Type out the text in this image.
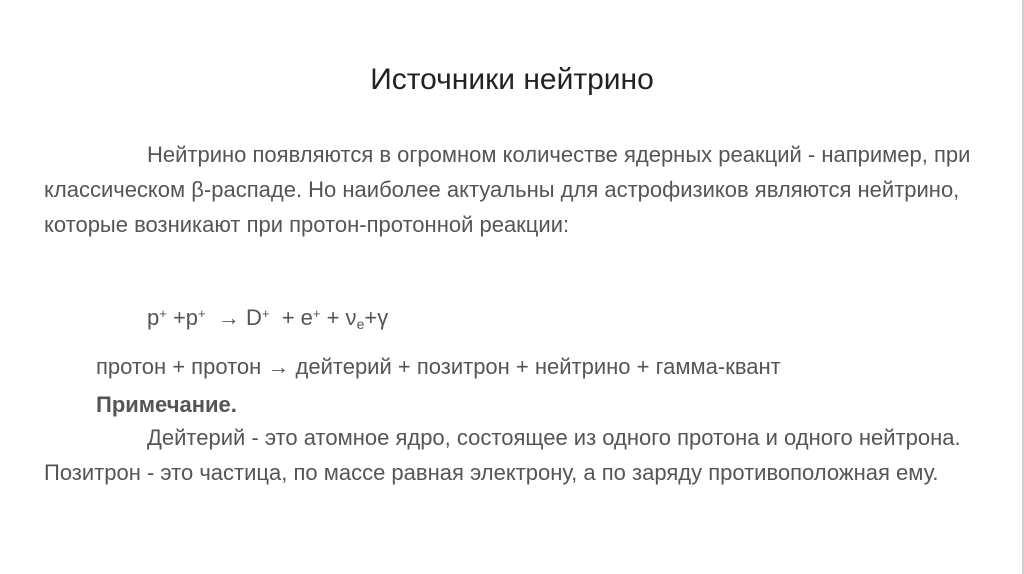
Источники нейтрино
Нейтрино появляются в огромном количестве ядерных реакций - например, при классическом β-распаде. Но наиболее актуальны для астрофизиков являются нейтрино, которые возникают при протон-протонной реакции:
$p^+ +p^+ \to D^+ + e^+ + \nu_e+\gamma$
протон + протон → дейтерий + позитрон + нейтрино + гамма-квант
Примечание.
Дейтерий - это атомное ядро, состоящее из одного протона и одного нейтрона. Позитрон - это частица, по массе равная электрону, а по заряду противоположная ему.
